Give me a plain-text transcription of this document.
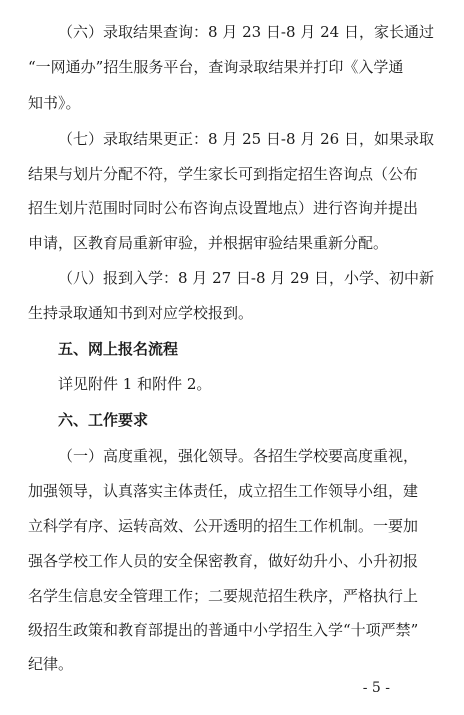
（六）录取结果查询：8 月 23 日-8 月 24 日，家长通过
“一网通办”招生服务平台，查询录取结果并打印《入学通
知书》。
（七）录取结果更正：8 月 25 日-8 月 26 日，如果录取
结果与划片分配不符，学生家长可到指定招生咨询点（公布
招生划片范围时同时公布咨询点设置地点）进行咨询并提出
申请，区教育局重新审验，并根据审验结果重新分配。
（八）报到入学：8 月 27 日-8 月 29 日，小学、初中新
生持录取通知书到对应学校报到。
五、网上报名流程
详见附件 1 和附件 2。
六、工作要求
（一）高度重视，强化领导。各招生学校要高度重视，
加强领导，认真落实主体责任，成立招生工作领导小组，建
立科学有序、运转高效、公开透明的招生工作机制。一要加
强各学校工作人员的安全保密教育，做好幼升小、小升初报
名学生信息安全管理工作；二要规范招生秩序，严格执行上
级招生政策和教育部提出的普通中小学招生入学“十项严禁”
纪律。
- 5 -
